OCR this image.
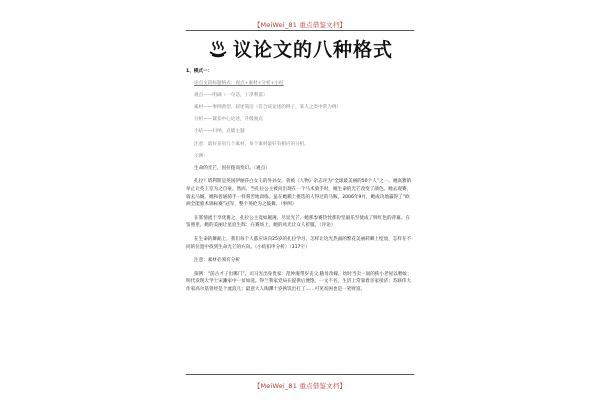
【MeiWei_81 重点借鉴文档】
议论文的八种格式
1、模式一：
论点文段标题格式：观点+素材+分析+小结
观点——明确（一句话，干净利落）
素材——事例典型、叙述简洁（符合该论述的例子，某人之类中常为例）
分析——紧扣中心论述，升级观点
小结——归纳，点破主题
注意：最好多用几个素材，每个素材最好有相应的分析。
示例：
生命的光芒，因拉拨而变幻。（观点）
扎拉？塔利斯是英国伊丽莎白女王的外孙女，曾被《人物》杂志评为“全球最美丽的50个人”之一。她高雅的举止让英王室为之自豪。然而，当扎拉公主被问出现在一个马术骑手时，她生命的光芒改变了颜色。她去观赛，骑去马厩，她和普通骑手一样刻苦地训练。虽在她赖上挑选的人得过的马鞍。2006年9月，她成功地赢得了“欧洲全能骑术锦标赛”冠军，整个英伦为之鼓舞。（事例）
在寡情流于享优裹之，扎拉公主竟如履薄，尽显光芒。她那参赛热忱那份坚毅乐至使成了鲜红色的背幕。在鉴照里，她的美丽让星宸生辉；在赛场上，她的风光让众人折服。（评论）
在生命的舞蹈上，我们每个人都应该向25岁的扎拉学习，怎样让这光热面的繁花美丽转瞬上绽放，怎样在不同的位置中找到生命光芒的方向。（小结扣申分析）（317字）
注意：素材必须有分析
探例：“前古才子出哪门”，司马光出身贵家：范仲淹带岁丧父,随母改嫁，幼时当卖一间的狭小老屋以喂蚊；明代发现大学士宋濂家中一贫如洗。得兰我家党局在提供后便饱，一文不名，生活上常靠着亲家接济；苏联伟大作家高尔基曾经是个流浪儿；最意大人陶渊十岁挨饥出打工……可见贫困也是一笔财富。
【MeiWei_81 重点借鉴文档】
